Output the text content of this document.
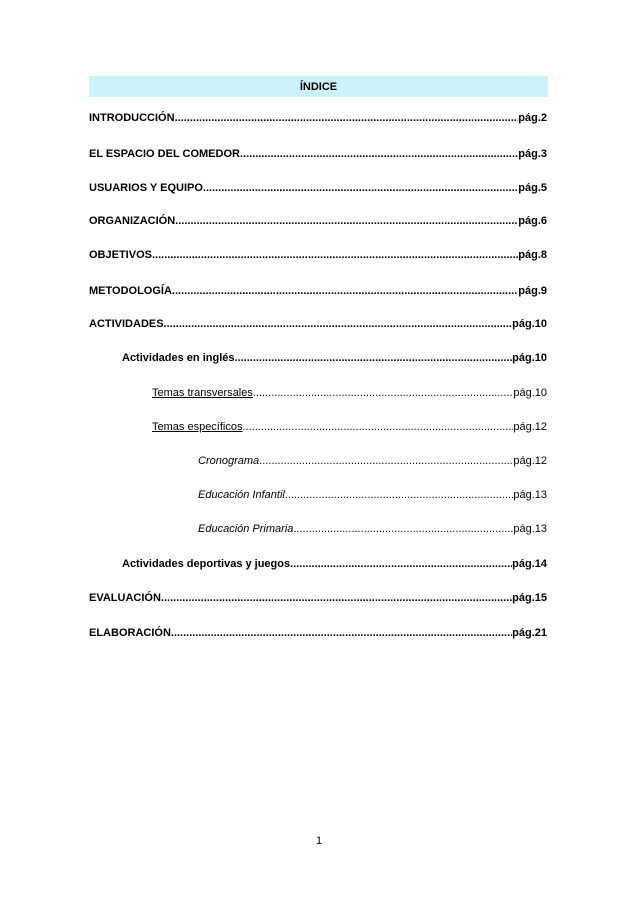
ÍNDICE
INTRODUCCIÓN .....	pág.2
EL ESPACIO DEL COMEDOR .....	pág.3
USUARIOS Y EQUIPO .....	pág.5
ORGANIZACIÓN .....	pág.6
OBJETIVOS .....	pág.8
METODOLOGÍA .....	pág.9
ACTIVIDADES. .....	pág.10
Actividades en inglés .....	pág.10
Temas transversales .....	pág.10
Temas específicos .....	pág.12
Cronograma .....	pág.12
Educación Infantil .....	pág.13
Educación Primaria .....	pág.13
Actividades deportivas y juegos .....	pág.14
EVALUACIÓN. .....	pág.15
ELABORACIÓN .....	pág.21
1
